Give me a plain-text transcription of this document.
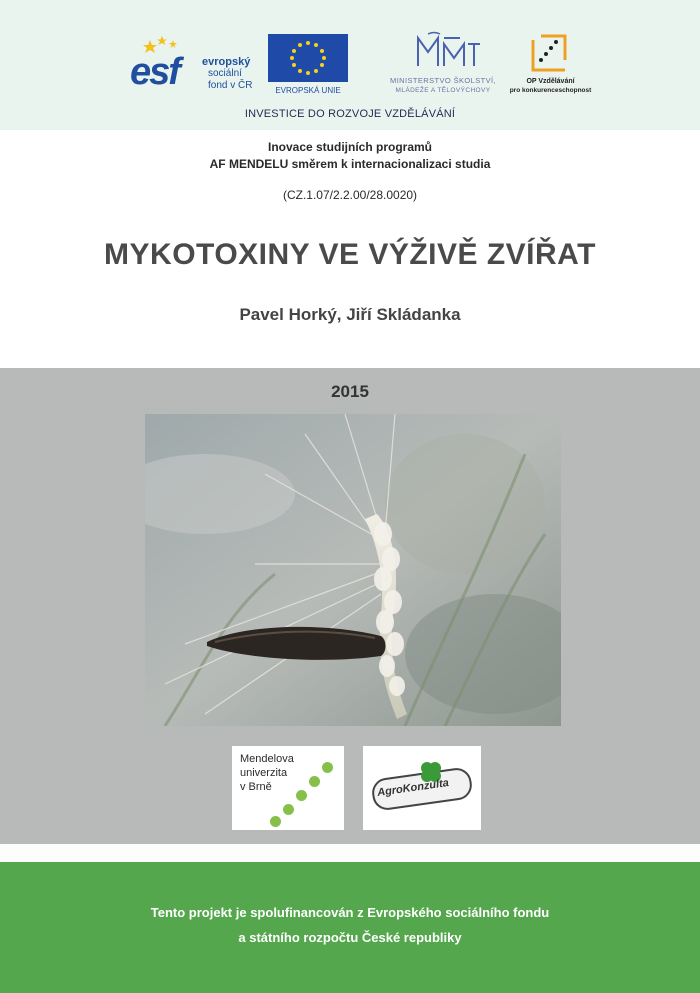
esf evropský
sociální
fond v ČR	EVROPSKÁ UNIE
MINISTERSTVO ŠKOLSTVÍ,
MLÁDEŽE A TĚLOVÝCHOVY
OP Vzdělávání
pro konkurenceschopnost
INVESTICE DO ROZVOJE VZDĚLÁVÁNÍ
Inovace studijních programů
AF MENDELU směrem k internacionalizaci studia
(CZ.1.07/2.2.00/28.0020)
MYKOTOXINY VE VÝŽIVĚ ZVÍŘAT
Pavel Horký, Jiří Skládanka
2015
Mendelova
univerzita
v Brně	AgroKonzulta
Tento projekt je spolufinancován z Evropského sociálního fondu
a státního rozpočtu České republiky
